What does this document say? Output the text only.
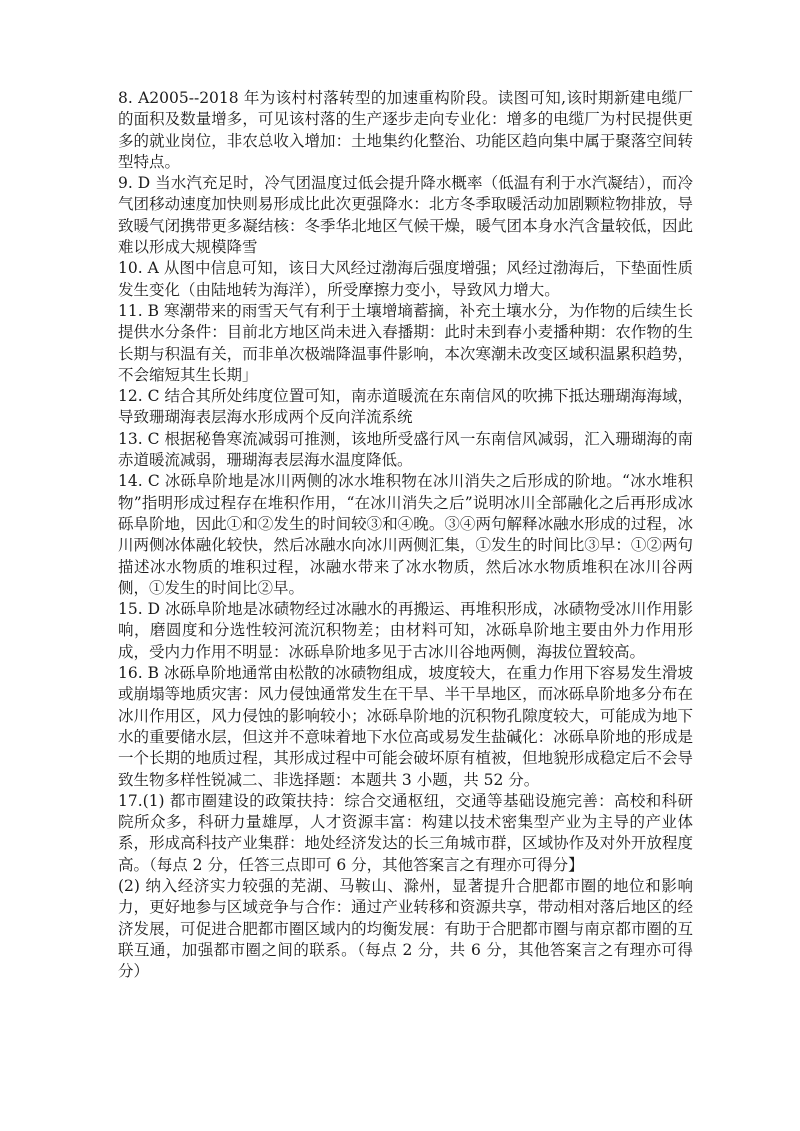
8. A2005--2018 年为该村村落转型的加速重构阶段。读图可知,该时期新建电缆厂的面积及数量增多，可见该村落的生产逐步走向专业化：增多的电缆厂为村民提供更多的就业岗位，非农总收入增加：土地集约化整治、功能区趋向集中属于聚落空间转型特点。

9. D 当水汽充足时，冷气团温度过低会提升降水概率（低温有利于水汽凝结），而冷气团移动速度加快则易形成比此次更强降水：北方冬季取暖活动加剧颗粒物排放，导致暖气闭携带更多凝结核：冬季华北地区气候干燥，暖气团本身水汽含量较低，因此难以形成大规模降雪

10. A 从图中信息可知，该日大风经过渤海后强度增强；风经过渤海后，下垫面性质发生变化（由陆地转为海洋），所受摩擦力变小，导致风力增大。

11. B 寒潮带来的雨雪天气有利于土壤增墒蓄摘，补充土壤水分，为作物的后续生长提供水分条件：目前北方地区尚未进入春播期：此时未到春小麦播种期：农作物的生长期与积温有关，而非单次极端降温事件影响，本次寒潮未改变区域积温累积趋势，不会缩短其生长期」

12. C 结合其所处纬度位置可知，南赤道暖流在东南信风的吹拂下抵达珊瑚海海域，导致珊瑚海表层海水形成两个反向洋流系统

13. C 根据秘鲁寒流减弱可推测，该地所受盛行风一东南信风减弱，汇入珊瑚海的南赤道暖流减弱，珊瑚海表层海水温度降低。

14. C 冰砾阜阶地是冰川两侧的冰水堆积物在冰川消失之后形成的阶地。“冰水堆积物”指明形成过程存在堆积作用，“在冰川消失之后”说明冰川全部融化之后再形成冰砾阜阶地，因此①和②发生的时间较③和④晚。③④两句解释冰融水形成的过程，冰川两侧冰体融化较快，然后冰融水向冰川两侧汇集，①发生的时间比③早：①②两句描述冰水物质的堆积过程，冰融水带来了冰水物质，然后冰水物质堆积在冰川谷两侧，①发生的时间比②早。

15. D 冰砾阜阶地是冰碛物经过冰融水的再搬运、再堆积形成，冰碛物受冰川作用影响，磨圆度和分选性较河流沉积物差；由材料可知，冰砾阜阶地主要由外力作用形成，受内力作用不明显：冰砾阜阶地多见于古冰川谷地两侧，海拔位置较高。

16. B 冰砾阜阶地通常由松散的冰碛物组成，坡度较大，在重力作用下容易发生滑坡或崩塌等地质灾害：风力侵蚀通常发生在干旱、半干旱地区，而冰砾阜阶地多分布在冰川作用区，风力侵蚀的影响较小；冰砾阜阶地的沉积物孔隙度较大，可能成为地下水的重要储水层，但这并不意味着地下水位高或易发生盐碱化：冰砾阜阶地的形成是一个长期的地质过程，其形成过程中可能会破坏原有植被，但地貌形成稳定后不会导致生物多样性锐减二、非选择题：本题共 3 小题，共 52 分。

17.(1) 都市圈建设的政策扶持：综合交通枢纽，交通等基础设施完善：高校和科研院所众多，科研力量雄厚，人才资源丰富：构建以技术密集型产业为主导的产业体系，形成高科技产业集群：地处经济发达的长三角城市群，区域协作及对外开放程度高。（每点 2 分，任答三点即可 6 分，其他答案言之有理亦可得分】

(2) 纳入经济实力较强的芜湖、马鞍山、滁州，显著提升合肥都市圈的地位和影响力，更好地参与区域竞争与合作：通过产业转移和资源共享，带动相对落后地区的经济发展，可促进合肥都市圈区域内的均衡发展：有助于合肥都市圈与南京都市圈的互联互通，加强都市圈之间的联系。（每点 2 分，共 6 分，其他答案言之有理亦可得分）
